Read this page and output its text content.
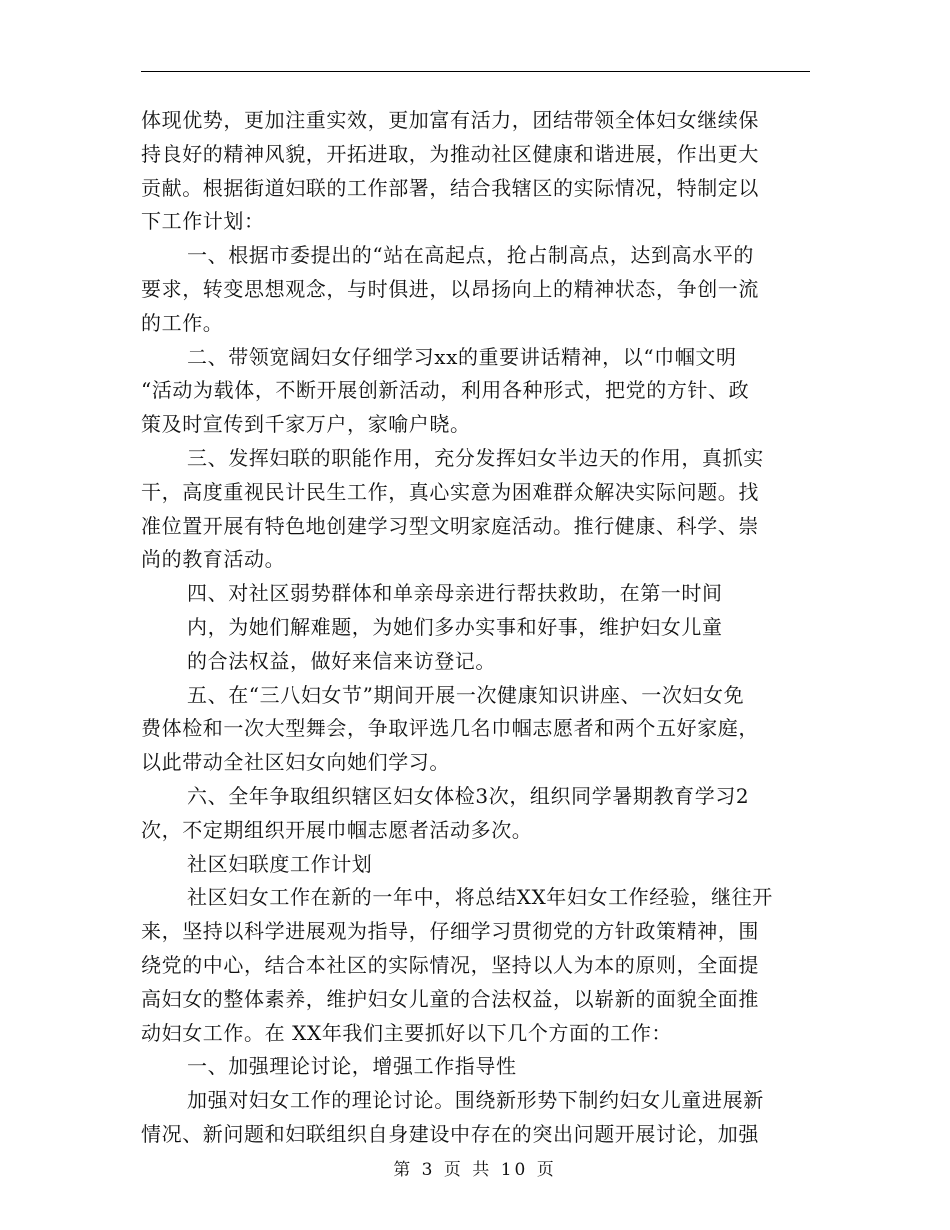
体现优势，更加注重实效，更加富有活力，团结带领全体妇女继续保
持良好的精神风貌，开拓进取，为推动社区健康和谐进展，作出更大
贡献。根据街道妇联的工作部署，结合我辖区的实际情况，特制定以
下工作计划：
一、根据市委提出的“站在高起点，抢占制高点，达到高水平的
要求，转变思想观念，与时俱进，以昂扬向上的精神状态，争创一流
的工作。
二、带领宽阔妇女仔细学习xx的重要讲话精神，以“巾帼文明
“活动为载体，不断开展创新活动，利用各种形式，把党的方针、政
策及时宣传到千家万户，家喻户晓。
三、发挥妇联的职能作用，充分发挥妇女半边天的作用，真抓实
干，高度重视民计民生工作，真心实意为困难群众解决实际问题。找
准位置开展有特色地创建学习型文明家庭活动。推行健康、科学、崇
尚的教育活动。
四、对社区弱势群体和单亲母亲进行帮扶救助，在第一时间
内，为她们解难题，为她们多办实事和好事，维护妇女儿童
的合法权益，做好来信来访登记。
五、在“三八妇女节”期间开展一次健康知识讲座、一次妇女免
费体检和一次大型舞会，争取评选几名巾帼志愿者和两个五好家庭，
以此带动全社区妇女向她们学习。
六、全年争取组织辖区妇女体检3次，组织同学暑期教育学习2
次，不定期组织开展巾帼志愿者活动多次。
社区妇联度工作计划
社区妇女工作在新的一年中，将总结XX年妇女工作经验，继往开
来，坚持以科学进展观为指导，仔细学习贯彻党的方针政策精神，围
绕党的中心，结合本社区的实际情况，坚持以人为本的原则，全面提
高妇女的整体素养，维护妇女儿童的合法权益，以崭新的面貌全面推
动妇女工作。在 XX年我们主要抓好以下几个方面的工作：
一、加强理论讨论，增强工作指导性
加强对妇女工作的理论讨论。围绕新形势下制约妇女儿童进展新
情况、新问题和妇联组织自身建设中存在的突出问题开展讨论，加强

第 3 页 共 10 页
